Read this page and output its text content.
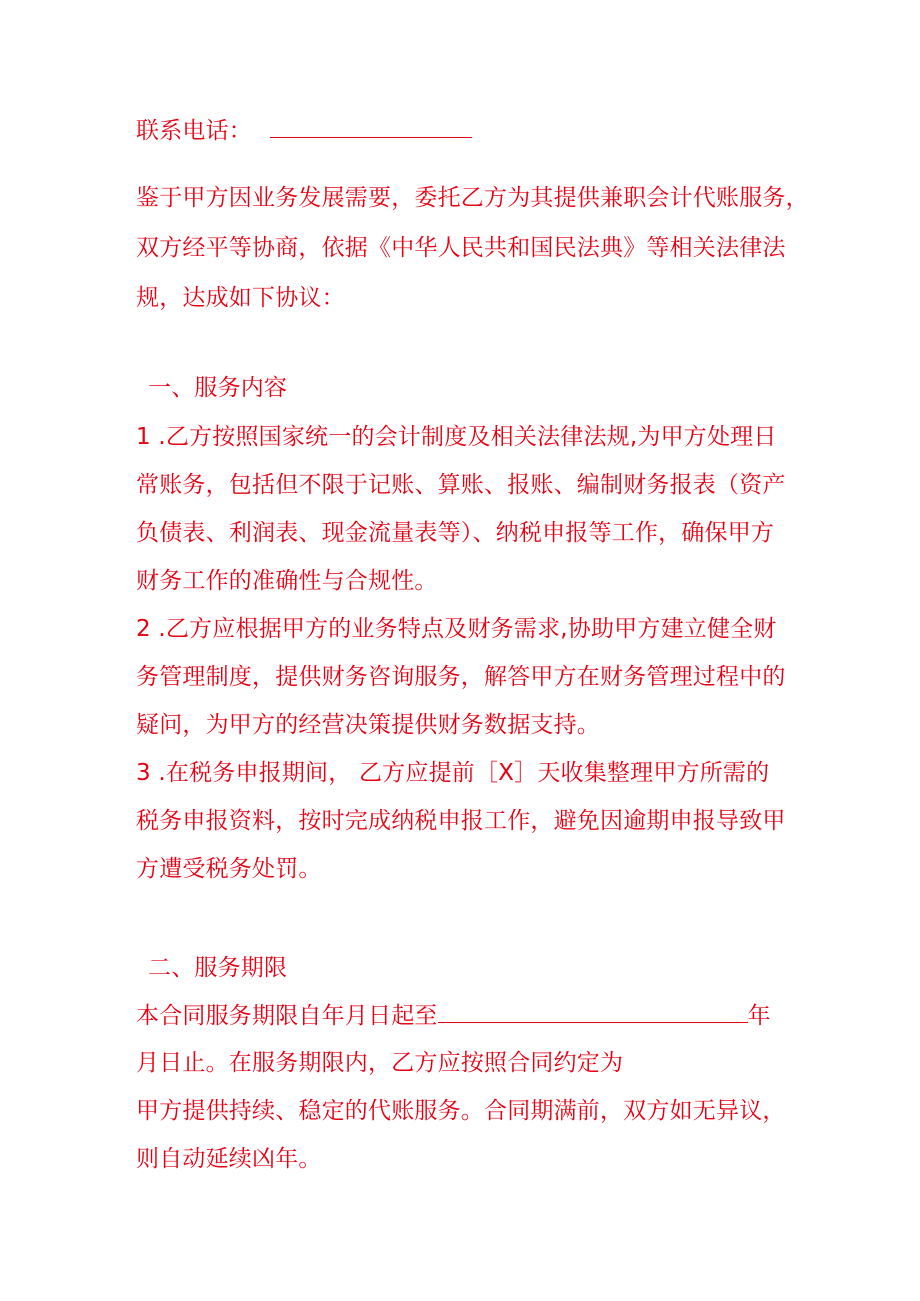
联系电话：
鉴于甲方因业务发展需要，委托乙方为其提供兼职会计代账服务，
双方经平等协商，依据《中华人民共和国民法典》等相关法律法
规，达成如下协议：
一、服务内容
1 .乙方按照国家统一的会计制度及相关法律法规,为甲方处理日
常账务，包括但不限于记账、算账、报账、编制财务报表（资产
负债表、利润表、现金流量表等）、纳税申报等工作，确保甲方
财务工作的准确性与合规性。
2 .乙方应根据甲方的业务特点及财务需求,协助甲方建立健全财
务管理制度，提供财务咨询服务，解答甲方在财务管理过程中的
疑问，为甲方的经营决策提供财务数据支持。
3 .在税务申报期间， 乙方应提前［X］天收集整理甲方所需的
税务申报资料，按时完成纳税申报工作，避免因逾期申报导致甲
方遭受税务处罚。
二、服务期限
本合同服务期限自年月日起至	年
月日止。在服务期限内，乙方应按照合同约定为
甲方提供持续、稳定的代账服务。合同期满前，双方如无异议，
则自动延续凶年。
